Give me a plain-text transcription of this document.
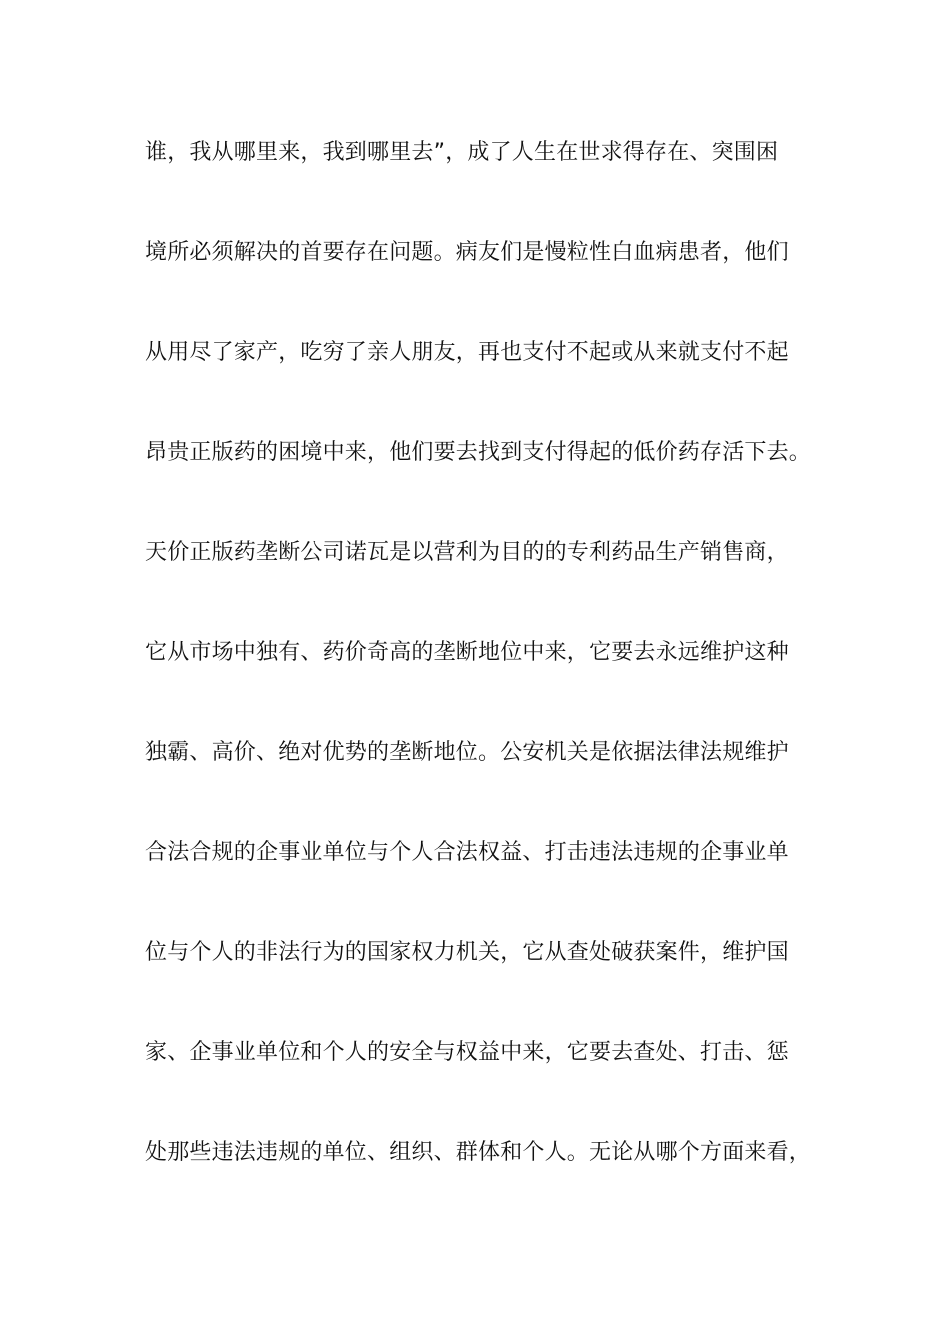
谁，我从哪里来，我到哪里去”，成了人生在世求得存在、突围困
境所必须解决的首要存在问题。病友们是慢粒性白血病患者，他们
从用尽了家产，吃穷了亲人朋友，再也支付不起或从来就支付不起
昂贵正版药的困境中来，他们要去找到支付得起的低价药存活下去。
天价正版药垄断公司诺瓦是以营利为目的的专利药品生产销售商，
它从市场中独有、药价奇高的垄断地位中来，它要去永远维护这种
独霸、高价、绝对优势的垄断地位。公安机关是依据法律法规维护
合法合规的企事业单位与个人合法权益、打击违法违规的企事业单
位与个人的非法行为的国家权力机关，它从查处破获案件，维护国
家、企事业单位和个人的安全与权益中来，它要去查处、打击、惩
处那些违法违规的单位、组织、群体和个人。无论从哪个方面来看，
